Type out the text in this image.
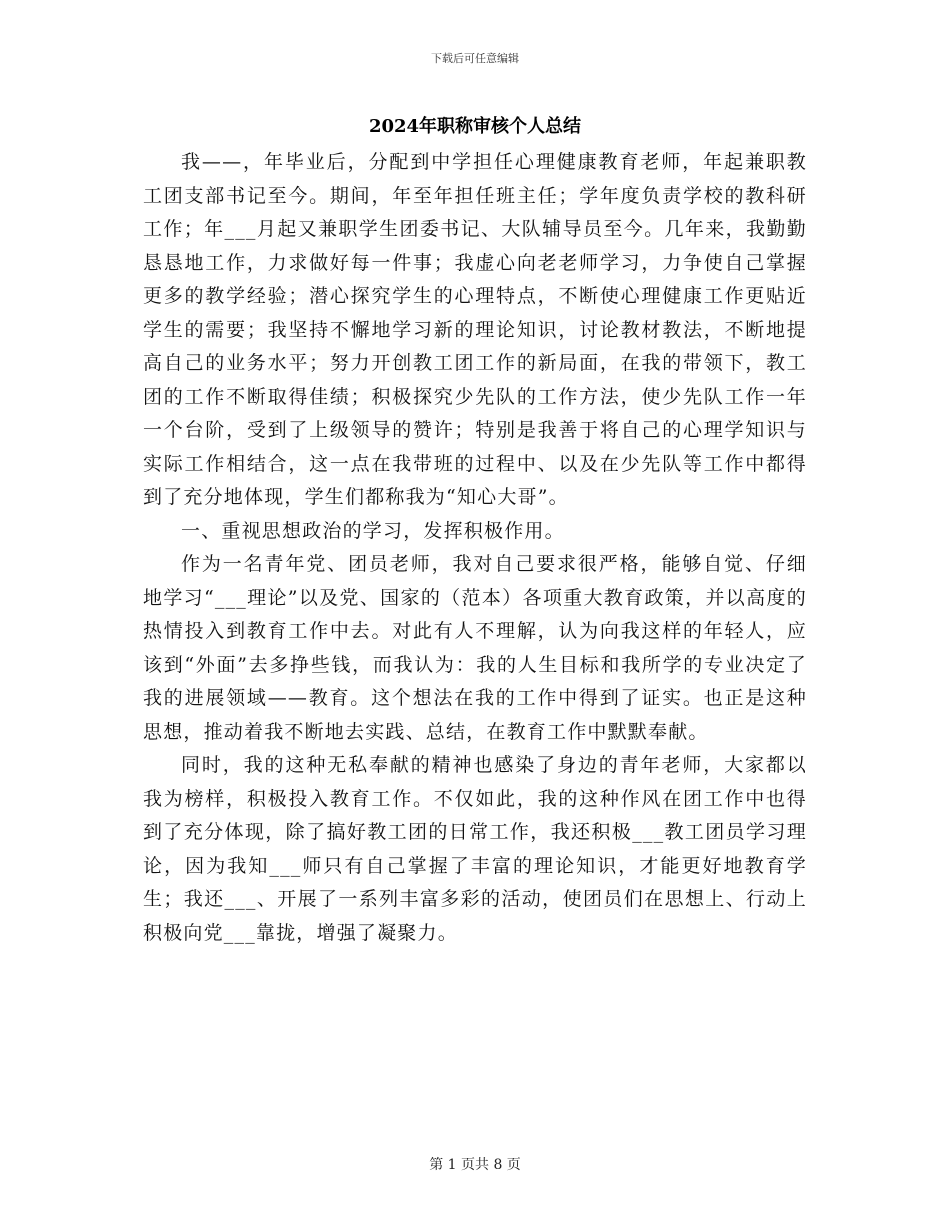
下载后可任意编辑
2024年职称审核个人总结

我——，年毕业后，分配到中学担任心理健康教育老师，年起兼职教工团支部书记至今。期间，年至年担任班主任；学年度负责学校的教科研工作；年___月起又兼职学生团委书记、大队辅导员至今。几年来，我勤勤恳恳地工作，力求做好每一件事；我虚心向老老师学习，力争使自己掌握更多的教学经验；潜心探究学生的心理特点，不断使心理健康工作更贴近学生的需要；我坚持不懈地学习新的理论知识，讨论教材教法，不断地提高自己的业务水平；努力开创教工团工作的新局面，在我的带领下，教工团的工作不断取得佳绩；积极探究少先队的工作方法，使少先队工作一年一个台阶，受到了上级领导的赞许；特别是我善于将自己的心理学知识与实际工作相结合，这一点在我带班的过程中、以及在少先队等工作中都得到了充分地体现，学生们都称我为“知心大哥”。

一、重视思想政治的学习，发挥积极作用。

作为一名青年党、团员老师，我对自己要求很严格，能够自觉、仔细地学习“___理论”以及党、国家的（范本）各项重大教育政策，并以高度的热情投入到教育工作中去。对此有人不理解，认为向我这样的年轻人，应该到“外面”去多挣些钱，而我认为：我的人生目标和我所学的专业决定了我的进展领域——教育。这个想法在我的工作中得到了证实。也正是这种思想，推动着我不断地去实践、总结，在教育工作中默默奉献。

同时，我的这种无私奉献的精神也感染了身边的青年老师，大家都以我为榜样，积极投入教育工作。不仅如此，我的这种作风在团工作中也得到了充分体现，除了搞好教工团的日常工作，我还积极___教工团员学习理论，因为我知___师只有自己掌握了丰富的理论知识，才能更好地教育学生；我还___、开展了一系列丰富多彩的活动，使团员们在思想上、行动上积极向党___靠拢，增强了凝聚力。

第 1 页共 8 页
